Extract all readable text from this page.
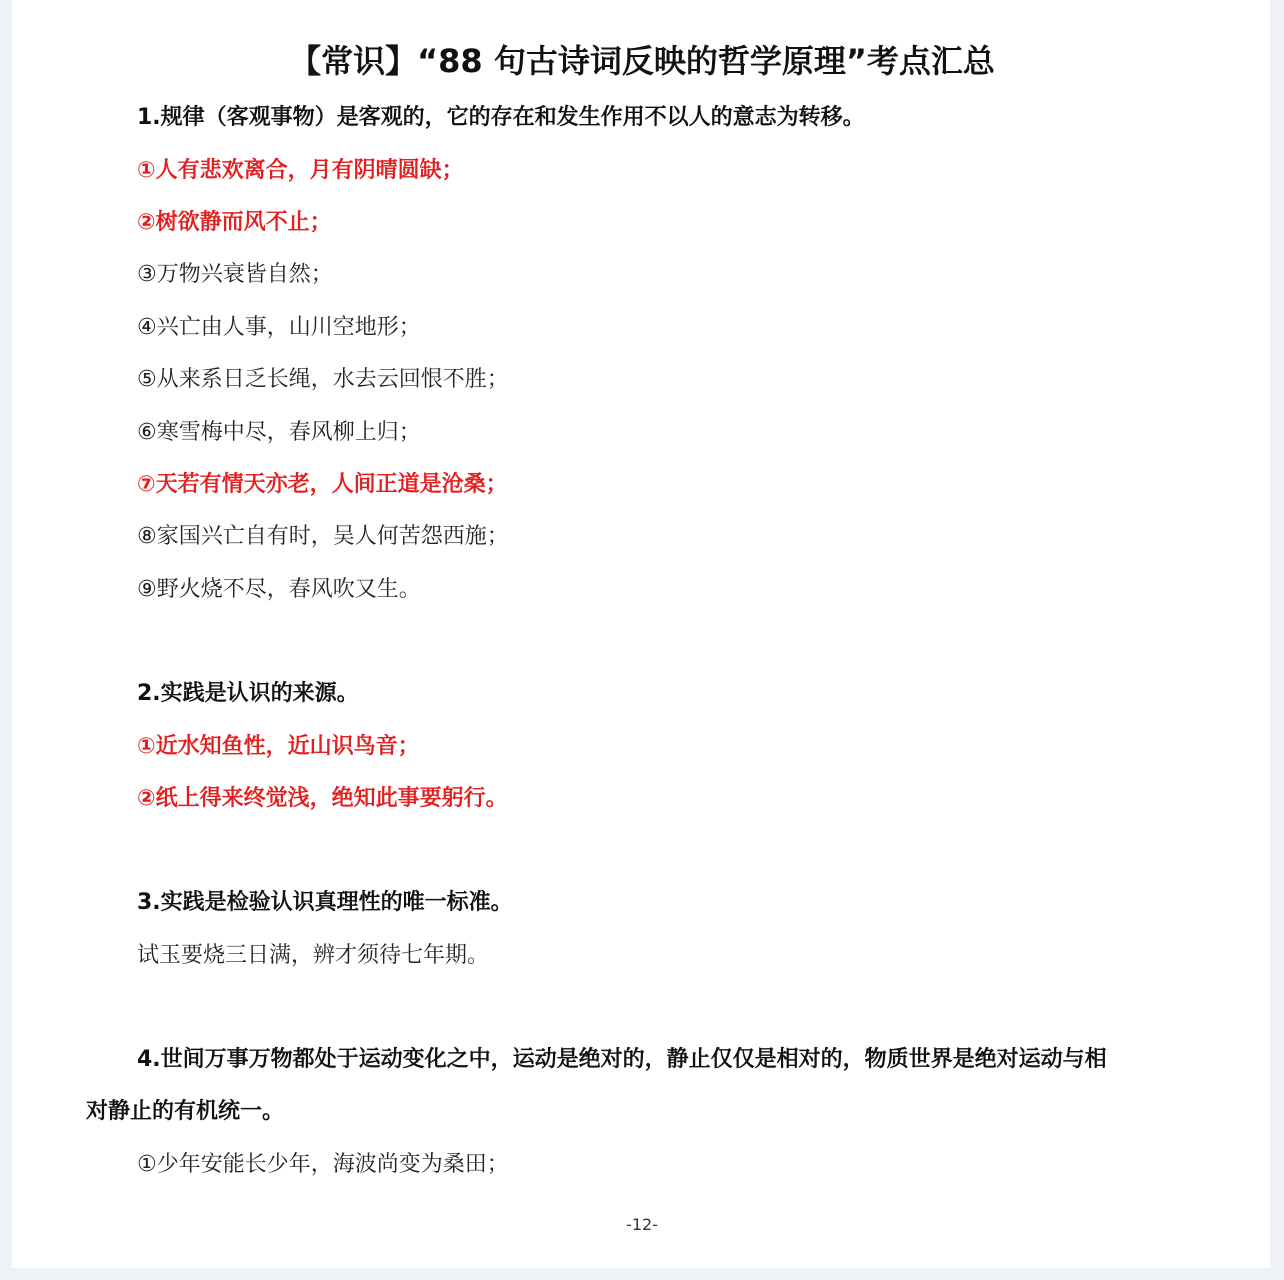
【常识】“88 句古诗词反映的哲学原理”考点汇总
1.规律（客观事物）是客观的，它的存在和发生作用不以人的意志为转移。
①人有悲欢离合，月有阴晴圆缺；
②树欲静而风不止；
③万物兴衰皆自然；
④兴亡由人事，山川空地形；
⑤从来系日乏长绳，水去云回恨不胜；
⑥寒雪梅中尽，春风柳上归；
⑦天若有情天亦老，人间正道是沧桑；
⑧家国兴亡自有时，吴人何苦怨西施；
⑨野火烧不尽，春风吹又生。
2.实践是认识的来源。
①近水知鱼性，近山识鸟音；
②纸上得来终觉浅，绝知此事要躬行。
3.实践是检验认识真理性的唯一标准。
试玉要烧三日满，辨才须待七年期。
4.世间万事万物都处于运动变化之中，运动是绝对的，静止仅仅是相对的，物质世界是绝对运动与相
对静止的有机统一。
①少年安能长少年，海波尚变为桑田；
-12-
